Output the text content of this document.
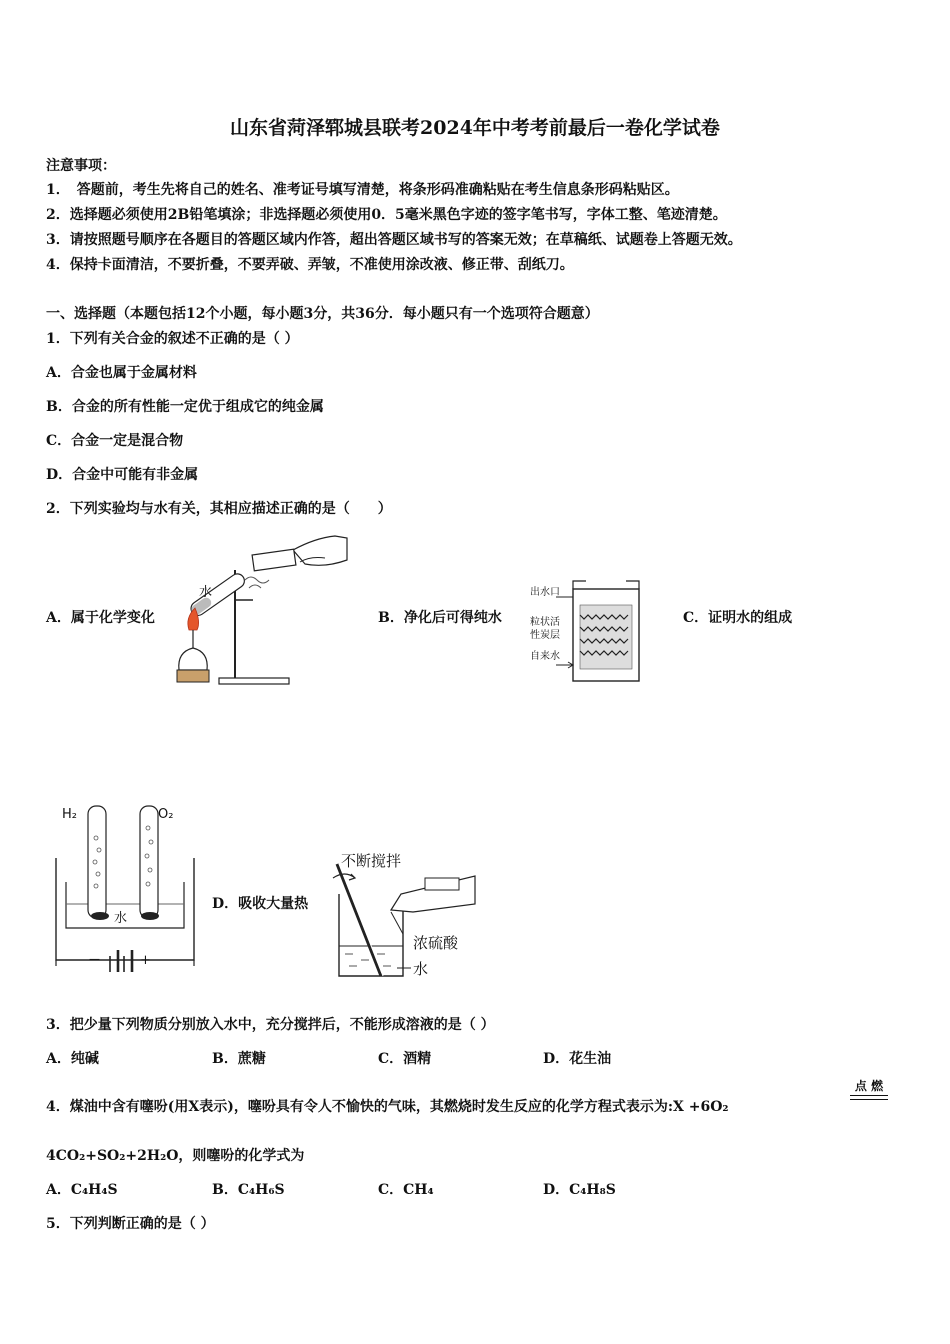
山东省菏泽郓城县联考2024年中考考前最后一卷化学试卷
注意事项：
1．　答题前，考生先将自己的姓名、准考证号填写清楚，将条形码准确粘贴在考生信息条形码粘贴区。
2．选择题必须使用2B铅笔填涂；非选择题必须使用0．5毫米黑色字迹的签字笔书写，字体工整、笔迹清楚。
3．请按照题号顺序在各题目的答题区域内作答，超出答题区域书写的答案无效；在草稿纸、试题卷上答题无效。
4．保持卡面清洁，不要折叠，不要弄破、弄皱，不准使用涂改液、修正带、刮纸刀。
一、选择题（本题包括12个小题，每小题3分，共36分．每小题只有一个选项符合题意）
1．下列有关合金的叙述不正确的是（ ）
A．合金也属于金属材料
B．合金的所有性能一定优于组成它的纯金属
C．合金一定是混合物
D．合金中可能有非金属
2．下列实验均与水有关，其相应描述正确的是（　　）
A．属于化学变化	B．净化后可得纯水	C．证明水的组成
D．吸收大量热
水	出水口
粒状活
性炭层
自来水
H₂	O₂
水
－	+
不断搅拌
浓硫酸
水
3．把少量下列物质分别放入水中，充分搅拌后，不能形成溶液的是（ ）
A．纯碱	B．蔗糖	C．酒精	D．花生油
4．煤油中含有噻吩(用X表示)，噻吩具有令人不愉快的气味，其燃烧时发生反应的化学方程式表示为:X +6O₂
点 燃
4CO₂+SO₂+2H₂O，则噻吩的化学式为
A．C₄H₄S	B．C₄H₆S	C．CH₄	D．C₄H₈S
5．下列判断正确的是（ ）
